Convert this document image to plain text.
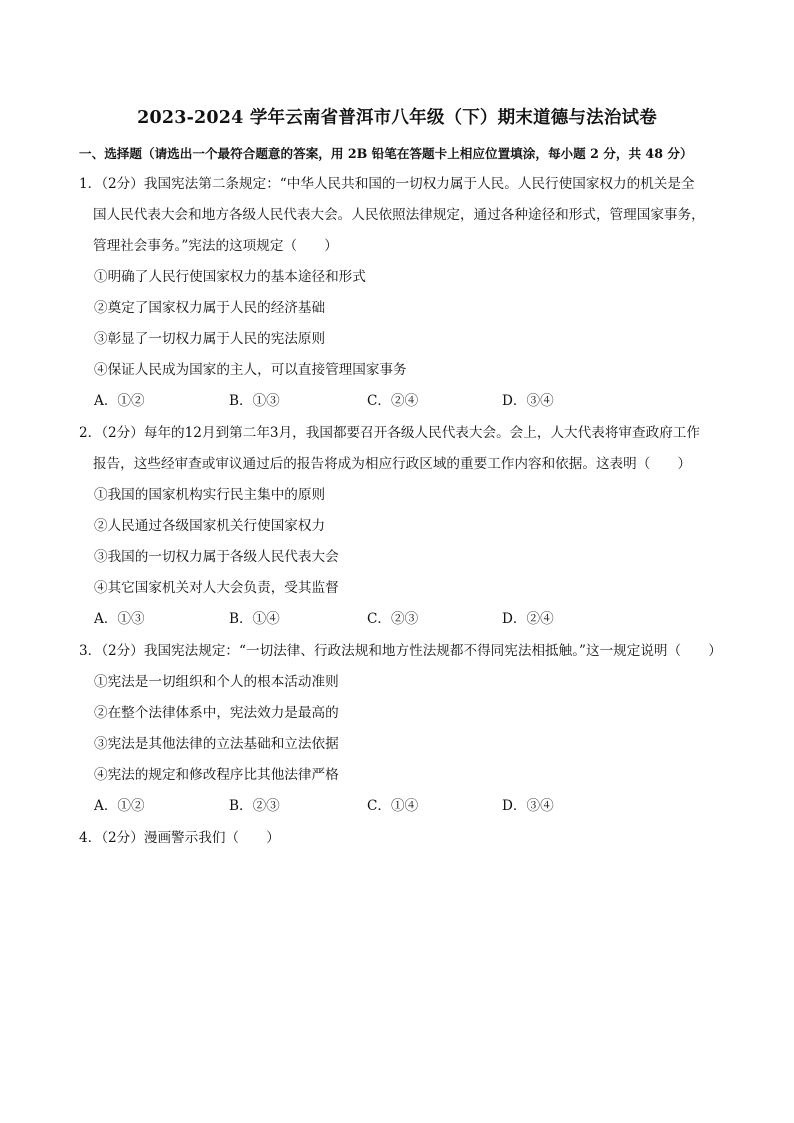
2023-2024 学年云南省普洱市八年级（下）期末道德与法治试卷
一、选择题（请选出一个最符合题意的答案，用 2B 铅笔在答题卡上相应位置填涂，每小题 2 分，共 48 分）
1．（2分）我国宪法第二条规定：“中华人民共和国的一切权力属于人民。人民行使国家权力的机关是全
国人民代表大会和地方各级人民代表大会。人民依照法律规定，通过各种途径和形式，管理国家事务，
管理社会事务。”宪法的这项规定（　　）
①明确了人民行使国家权力的基本途径和形式
②奠定了国家权力属于人民的经济基础
③彰显了一切权力属于人民的宪法原则
④保证人民成为国家的主人，可以直接管理国家事务
A．①②	B．①③	C．②④	D．③④
2．（2分）每年的12月到第二年3月，我国都要召开各级人民代表大会。会上，人大代表将审查政府工作
报告，这些经审查或审议通过后的报告将成为相应行政区域的重要工作内容和依据。这表明（　　）
①我国的国家机构实行民主集中的原则
②人民通过各级国家机关行使国家权力
③我国的一切权力属于各级人民代表大会
④其它国家机关对人大会负责，受其监督
A．①③	B．①④	C．②③	D．②④
3．（2分）我国宪法规定：“一切法律、行政法规和地方性法规都不得同宪法相抵触。”这一规定说明（　　）
①宪法是一切组织和个人的根本活动准则
②在整个法律体系中，宪法效力是最高的
③宪法是其他法律的立法基础和立法依据
④宪法的规定和修改程序比其他法律严格
A．①②	B．②③	C．①④	D．③④
4．（2分）漫画警示我们（　　）
